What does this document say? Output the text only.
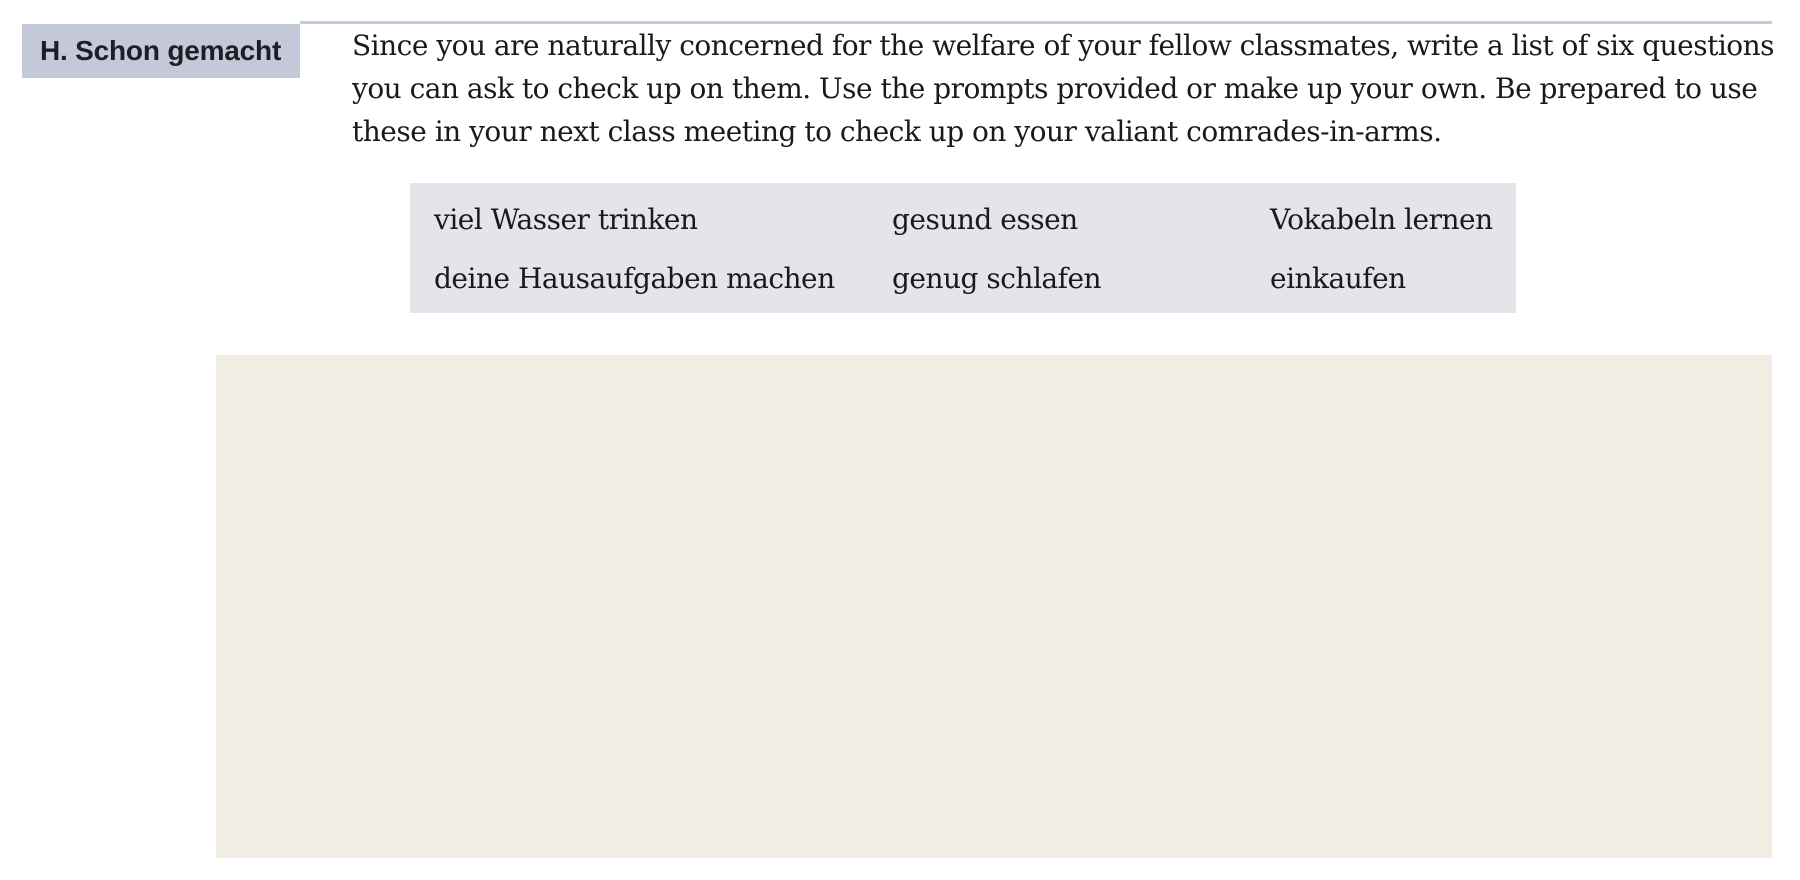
H. Schon gemacht	Since you are naturally concerned for the welfare of your fellow classmates, write a list of six questions you can ask to check up on them. Use the prompts provided or make up your own. Be prepared to use these in your next class meeting to check up on your valiant comrades-in-arms.

viel Wasser trinken	gesund essen	Vokabeln lernen
deine Hausaufgaben machen	genug schlafen	einkaufen
